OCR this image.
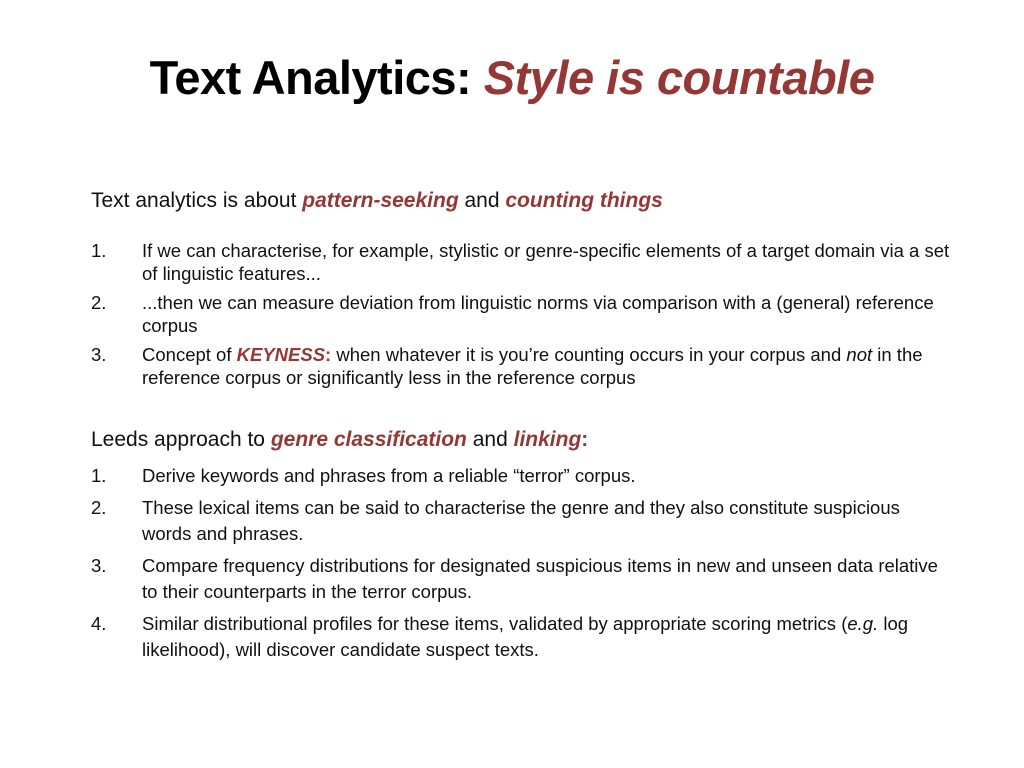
Text Analytics: Style is countable

Text analytics is about pattern-seeking and counting things

1. If we can characterise, for example, stylistic or genre-specific elements of a target domain via a set of linguistic features...
2. ...then we can measure deviation from linguistic norms via comparison with a (general) reference corpus
3. Concept of KEYNESS: when whatever it is you’re counting occurs in your corpus and not in the reference corpus or significantly less in the reference corpus

Leeds approach to genre classification and linking:

1. Derive keywords and phrases from a reliable “terror” corpus.
2. These lexical items can be said to characterise the genre and they also constitute suspicious words and phrases.
3. Compare frequency distributions for designated suspicious items in new and unseen data relative to their counterparts in the terror corpus.
4. Similar distributional profiles for these items, validated by appropriate scoring metrics (e.g. log likelihood), will discover candidate suspect texts.
